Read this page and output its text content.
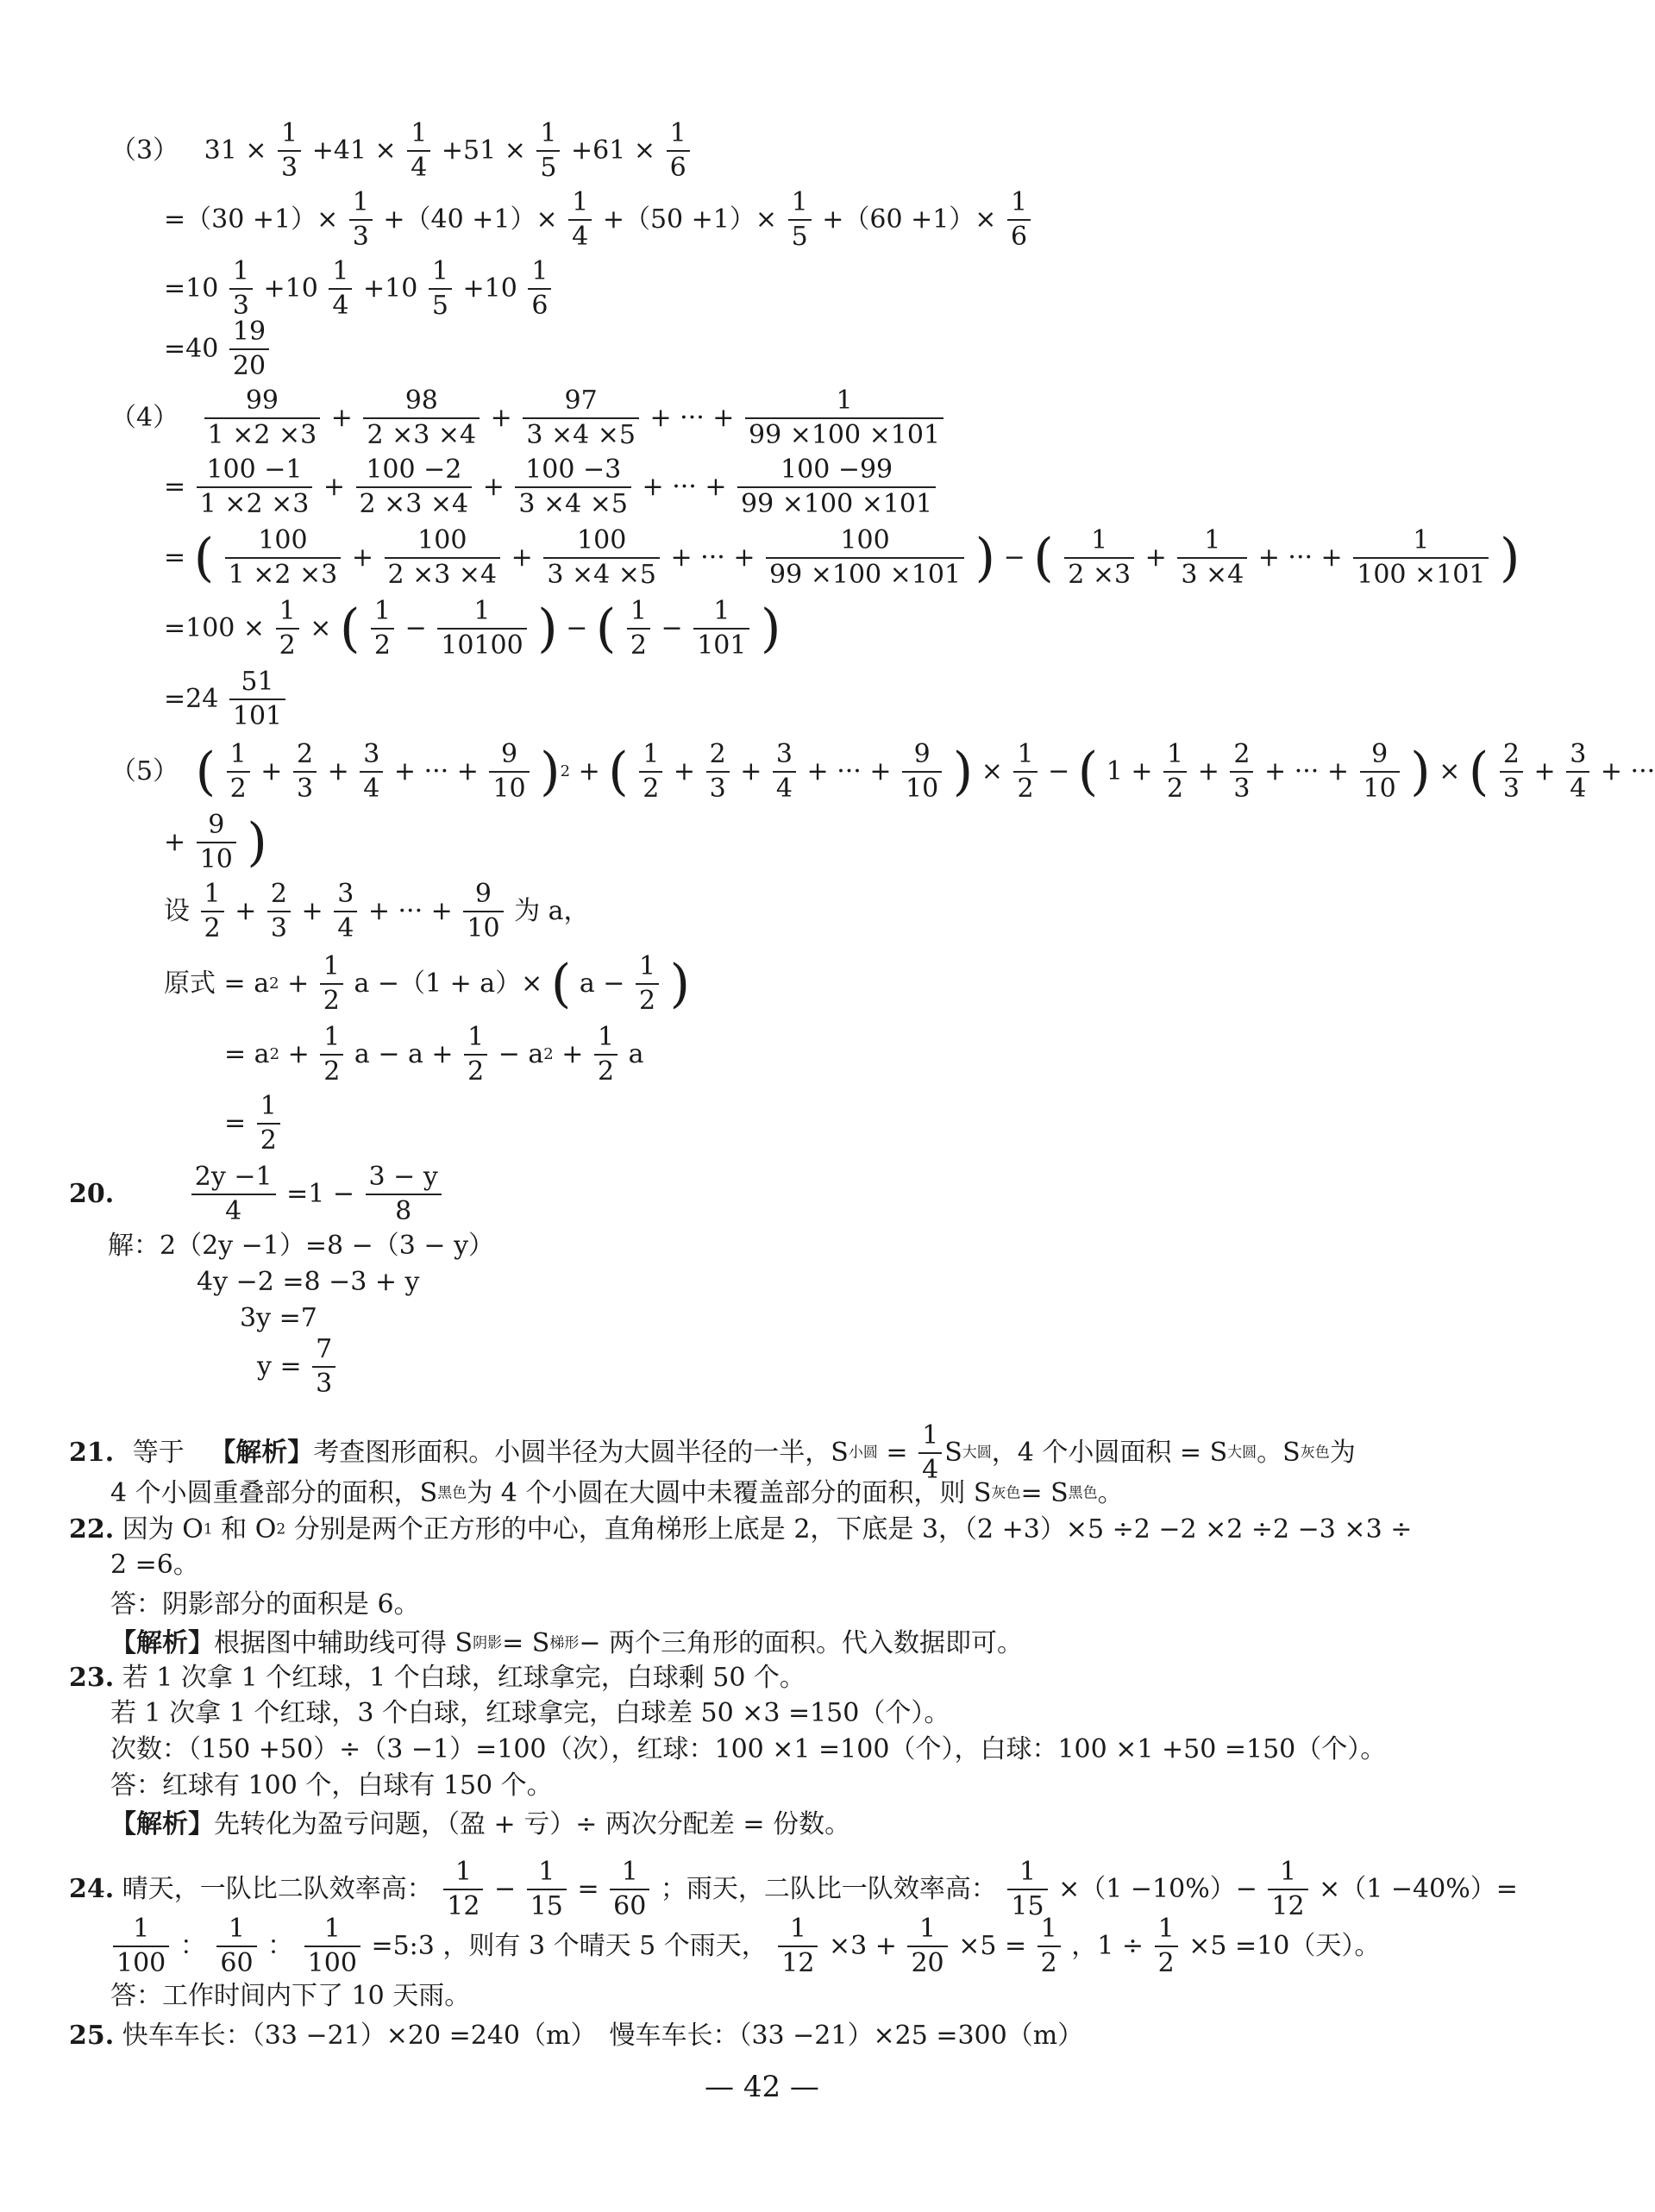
（3） $31 \times \frac{1}{3} +41 \times \frac{1}{4} +51 \times \frac{1}{5} +61 \times \frac{1}{6}$
$=(30 +1)\times \frac{1}{3} +(40 +1)\times \frac{1}{4} +(50 +1)\times \frac{1}{5} +(60 +1)\times \frac{1}{6}$
$=10 \frac{1}{3} +10 \frac{1}{4} +10 \frac{1}{5} +10 \frac{1}{6}$
$=40 \frac{19}{20}$
$(4) \frac{99}{1 \times 2 \times 3} + \frac{98}{2 \times 3 \times 4} + \frac{97}{3 \times 4 \times 5}$ + ··· + $\frac{1}{99 \times 100 \times 101}$
= $\frac{100 -1}{1 \times 2 \times 3} + \frac{100 -2}{2 \times 3 \times 4} + \frac{100 -3}{3 \times 4 \times 5}$ + ··· + $\frac{100 -99}{99 \times 100 \times 101}$
= ( $\frac{100}{1 \times 2 \times 3} + \frac{100}{2 \times 3 \times 4} + \frac{100}{3 \times 4 \times 5}$ + ··· + $\frac{100}{99 \times 100 \times 101}$ ) − ( $\frac{1}{2 \times 3} + \frac{1}{3 \times 4}$ + ··· + $\frac{1}{100 \times 101}$ )
$=100 \times \frac{1}{2}$ × ( $\frac{1}{2} - \frac{1}{10100}$ ) − ( $\frac{1}{2} - \frac{1}{101}$ )
$=24 \frac{51}{101}$
（5） ( $\frac{1}{2} + \frac{2}{3} + \frac{3}{4}$ + ··· + $\frac{9}{10} )2$ + ( $\frac{1}{2} + \frac{2}{3} + \frac{3}{4}$ + ··· + $\frac{9}{10}$ ) × $\frac{1}{2}$ − ( $1 + \frac{1}{2} + \frac{2}{3}$ + ··· + $\frac{9}{10}$ ) × ( $\frac{2}{3} + \frac{3}{4}$ + ···
+ $\frac{9}{10}$ )
设 $\frac{1}{2} + \frac{2}{3} + \frac{3}{4}$ + ··· + $\frac{9}{10}$ 为 a，
原式 = $a2 + \frac{1}{2}$ a −（1 + a）× ( $a - \frac{1}{2}$ )
= $a2 + \frac{1}{2}$ $a - a + \frac{1}{2} - a2 + \frac{1}{2}$ a
= $\frac{1}{2}$
20.	$\frac{2y -1}{4} =1 - \frac{3 - y}{8}$
解：2（2y −1）=8 −（3 − y）
4y −2 =8 −3 + y
3y =7
$y = \frac{7}{3}$
21. 等于 【解析】考查图形面积。小圆半径为大圆半径的一半，S小圆 = $\frac{1}{4}$ S大圆，4 个小圆面积 = S大圆。S灰色为
4 个小圆重叠部分的面积，S黑色为 4 个小圆在大圆中未覆盖部分的面积，则 S灰色= S黑色。
22. 因为 O1 和 O2 分别是两个正方形的中心，直角梯形上底是 2，下底是 3，（2 +3）×5 ÷2 −2 ×2 ÷2 −3 ×3 ÷
2 =6。
答：阴影部分的面积是 6。
【解析】根据图中辅助线可得 S阴影= S梯形− 两个三角形的面积。代入数据即可。
23. 若 1 次拿 1 个红球，1 个白球，红球拿完，白球剩 50 个。
若 1 次拿 1 个红球，3 个白球，红球拿完，白球差 50 ×3 =150（个）。
次数：（150 +50）÷（3 −1）=100（次），红球：100 ×1 =100（个），白球：100 ×1 +50 =150（个）。
答：红球有 100 个，白球有 150 个。
【解析】先转化为盈亏问题，（盈 + 亏）÷ 两次分配差 = 份数。
24. 晴天，一队比二队效率高： $\frac{1}{12} - \frac{1}{15} = \frac{1}{60}$ ；雨天，二队比一队效率高： $\frac{1}{15} \times(1 -10\%)- \frac{1}{12} \times(1 -40\%)=$
$\frac{1}{100}$ ： $\frac{1}{60}$ ： $\frac{1}{100}$ =5:3 ，则有 3 个晴天 5 个雨天， $\frac{1}{12} \times 3 + \frac{1}{20} \times 5 = \frac{1}{2}$ ，$1 \div \frac{1}{2} \times 5 =10$（天）。
答：工作时间内下了 10 天雨。
25. 快车车长：（33 −21）×20 =240（m）　慢车车长：（33 −21）×25 =300（m）
— 42 —
